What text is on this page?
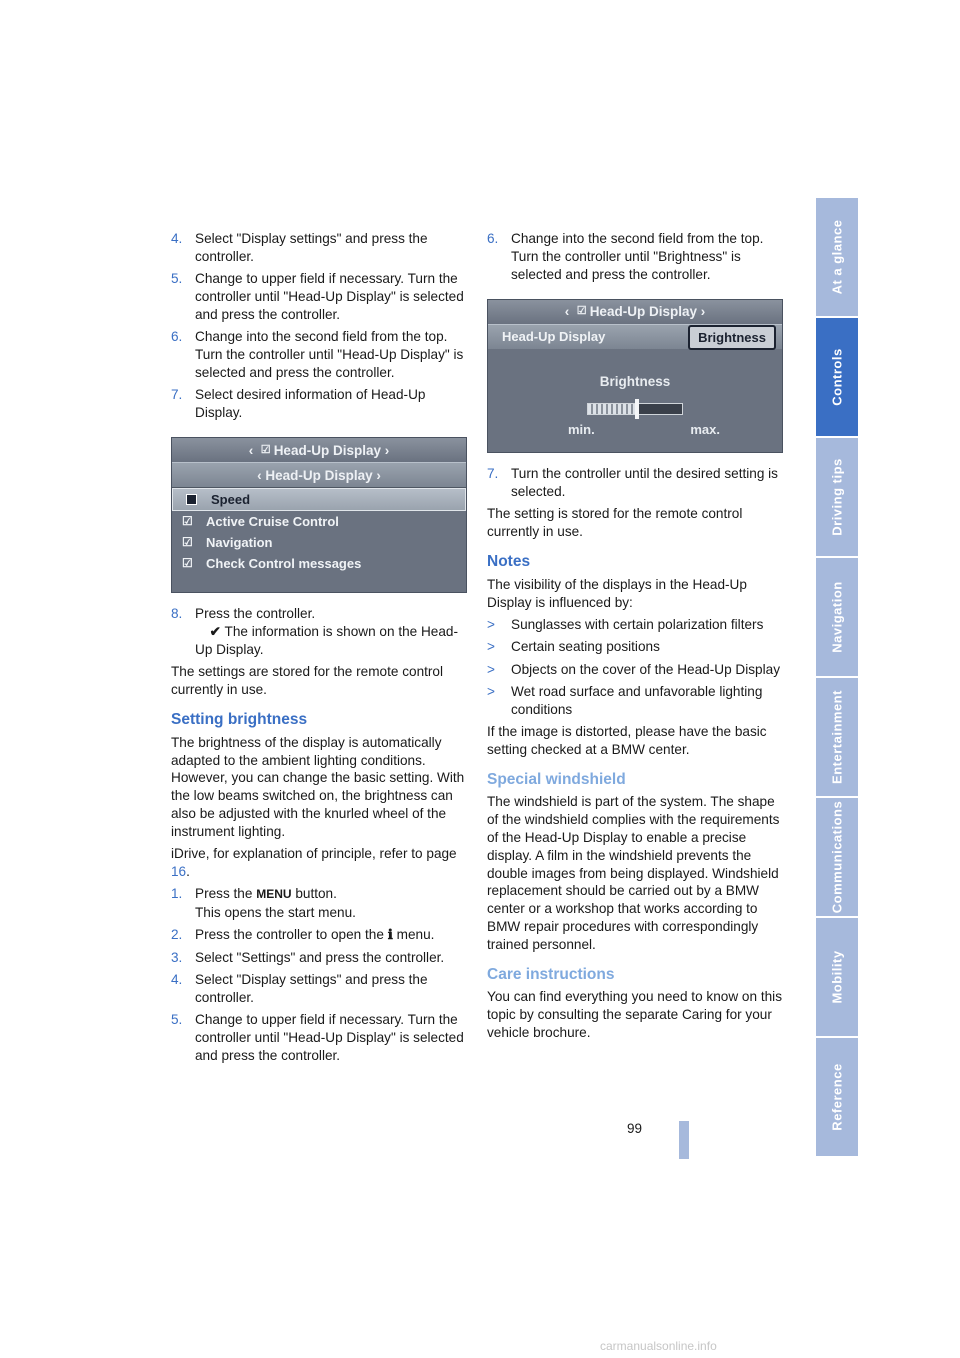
4. Select "Display settings" and press the controller.
5. Change to upper field if necessary. Turn the controller until "Head-Up Display" is selected and press the controller.
6. Change into the second field from the top. Turn the controller until "Head-Up Display" is selected and press the controller.
7. Select desired information of Head-Up Display.
‹ ☑ Head-Up Display ›
‹ Head-Up Display ›
Speed
☑	Active Cruise Control
☑	Navigation
☑	Check Control messages
8. Press the controller.
✔ The information is shown on the Head-Up Display.

The settings are stored for the remote control currently in use.

Setting brightness

The brightness of the display is automatically adapted to the ambient lighting conditions. However, you can change the basic setting. With the low beams switched on, the brightness can also be adjusted with the knurled wheel of the instrument lighting.

iDrive, for explanation of principle, refer to page 16.

1. Press the MENU button.
This opens the start menu.
2. Press the controller to open the ℹ menu.
3. Select "Settings" and press the controller.
4. Select "Display settings" and press the controller.
5. Change to upper field if necessary. Turn the controller until "Head-Up Display" is selected and press the controller.
6. Change into the second field from the top. Turn the controller until "Brightness" is selected and press the controller.
‹ ☑ Head-Up Display ›
Head-Up Display	Brightness
Brightness
min.	max.
7. Turn the controller until the desired setting is selected.

The setting is stored for the remote control currently in use.

Notes

The visibility of the displays in the Head-Up Display is influenced by:

> Sunglasses with certain polarization filters
> Certain seating positions
> Objects on the cover of the Head-Up Display
> Wet road surface and unfavorable lighting conditions

If the image is distorted, please have the basic setting checked at a BMW center.

Special windshield

The windshield is part of the system. The shape of the windshield complies with the requirements of the Head-Up Display to enable a precise display. A film in the windshield prevents the double images from being displayed. Windshield replacement should be carried out by a BMW center or a workshop that works according to BMW repair procedures with correspondingly trained personnel.

Care instructions

You can find everything you need to know on this topic by consulting the separate Caring for your vehicle brochure.

At a glance
Controls
Driving tips
Navigation
Entertainment
Communications
Mobility
Reference
99
carmanualsonline.info
